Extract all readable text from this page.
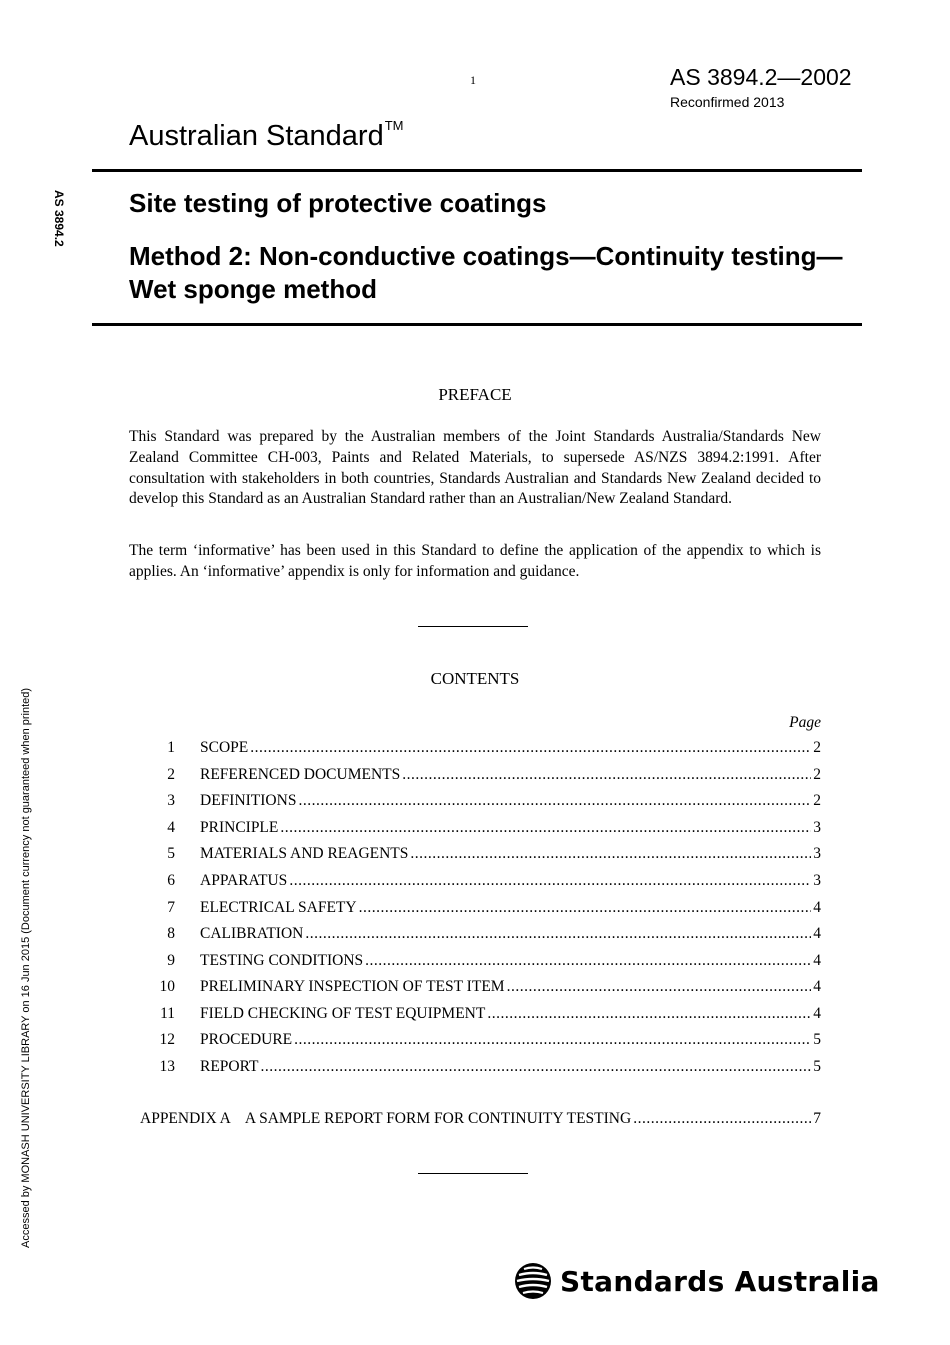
1	AS 3894.2—2002
Reconfirmed 2013
Australian Standard™
AS 3894.2
Accessed by MONASH UNIVERSITY LIBRARY on 16 Jun 2015 (Document currency not guaranteed when printed)
Site testing of protective coatings
Method 2: Non-conductive coatings—Continuity testing—Wet sponge method
PREFACE
This Standard was prepared by the Australian members of the Joint Standards Australia/Standards New Zealand Committee CH-003, Paints and Related Materials, to supersede AS/NZS 3894.2:1991. After consultation with stakeholders in both countries, Standards Australian and Standards New Zealand decided to develop this Standard as an Australian Standard rather than an Australian/New Zealand Standard.
The term ‘informative’ has been used in this Standard to define the application of the appendix to which is applies. An ‘informative’ appendix is only for information and guidance.
CONTENTS
Page
1 SCOPE .....	2
2 REFERENCED DOCUMENTS .....	2
3 DEFINITIONS .....	2
4 PRINCIPLE .....	3
5 MATERIALS AND REAGENTS .....	3
6 APPARATUS .....	3
7 ELECTRICAL SAFETY .....	4
8 CALIBRATION .....	4
9 TESTING CONDITIONS .....	4
10 PRELIMINARY INSPECTION OF TEST ITEM .....	4
11 FIELD CHECKING OF TEST EQUIPMENT .....	4
12 PROCEDURE .....	5
13 REPORT .....	5
APPENDIX A A SAMPLE REPORT FORM FOR CONTINUITY TESTING .....	7
Standards Australia
